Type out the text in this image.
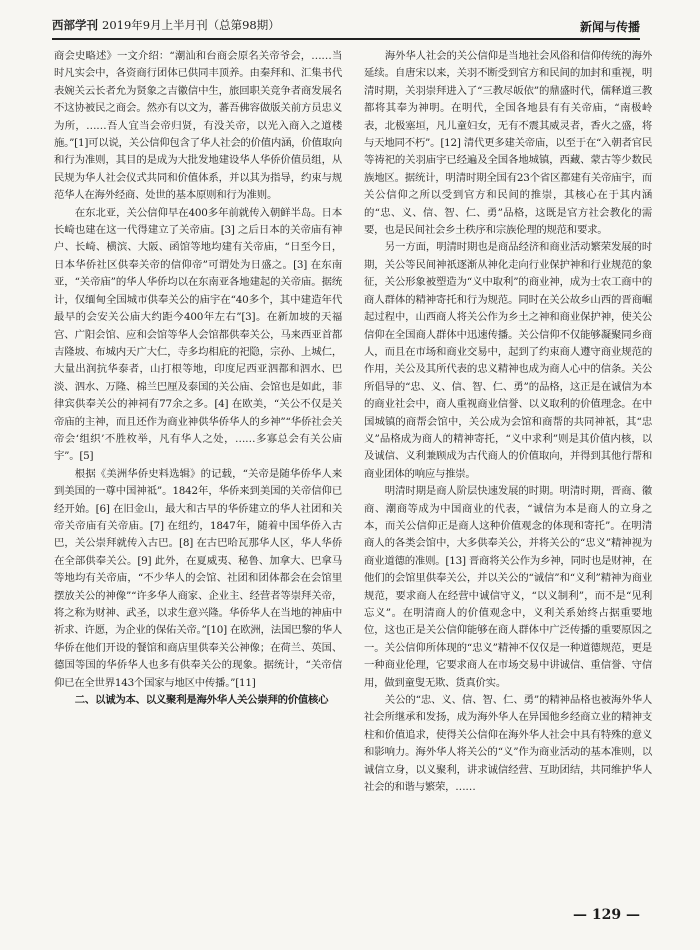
西部学刊 2019年9月上半月刊（总第98期）	新闻与传播

商会史略述》一文介绍：“潮汕和台商会原名关帝爷会，……当时凡实会中，各资商行团体已供同丰顶养。由秦拜和、汇集书代表婉关云长者允为贤象之吉徽信中生，旅回职关竞争者商发展名不这协被民之商会。然亦有以文为，蕃吾佛容做版关前方员忠义为所，……吾人宜当会帝归贤，有没关帝，以光入商入之道楼施。”[1]可以说，关公信仰包含了华人社会的价值内涵，价值取向和行为准则，其目的是成为大批发地建设华人华侨价值员组，从民规为华人社会仪式共同和价值体系，并以其为指导，约束与规范华人在海外经商、处世的基本原则和行为准则。

在东北亚，关公信仰早在400多年前就传入朝鲜半岛。日本长崎也建在这一代得建立了关帝庙。[3] 之后日本的关帝庙有神户、长崎、横滨、大阪、函馆等地均建有关帝庙，“日至今日，日本华侨社区供奉关帝的信仰帝”可谓处为日盛之。[3] 在东南亚，“关帝庙”的华人华侨均以在东南亚各地建起的关帝庙。据统计，仅缅甸全国城市供奉关公的庙宇在“40多个，其中建造年代最早的会安关公庙大约距今400年左右”[3]。在新加坡的天福宫、广阳会馆、应和会馆等华人会馆都供奉关公，马来西亚首都吉隆坡、布城内天广大仁，寺多均相庇的祀隐，宗孙、上城仁，大量出润抗华泰者，山打根等地，印度尼西亚泗都和泗水、巴淡、泗水、万隆、棉兰巴厘及泰国的关公庙、会馆也是如此，菲律宾供奉关公的神祠有77余之多。[4] 在欧美，“关公不仅是关帝庙的主神，而且还作为商业神供华侨华人的乡神”“华侨社会关帝会‘组织’不胜枚举，凡有华人之处，……多寡总会有关公庙宇”。[5]

根据《美洲华侨史料选辑》的记载，“关帝是随华侨华人来到美国的一尊中国神祗”。1842年，华侨来到美国的关帝信仰已经开始。[6] 在旧金山，最大和古早的华侨建立的华人社团和关帝关帝庙有关帝庙。[7] 在纽约，1847年，随着中国华侨入古巴，关公崇拜就传入古巴。[8] 在古巴哈瓦那华人区，华人华侨在全部供奉关公。[9] 此外，在夏威夷、秘鲁、加拿大、巴拿马等地均有关帝庙，“不少华人的会馆、社团和团体都会在会馆里摆放关公的神像”“许多华人商家、企业主、经营者等崇拜关帝，将之称为财神、武圣，以求生意兴隆。华侨华人在当地的神庙中祈求、许愿，为企业的保佑关帝。”[10] 在欧洲，法国巴黎的华人华侨在他们开设的餐馆和商店里供奉关公神像；在荷兰、英国、德国等国的华侨华人也多有供奉关公的现象。据统计，“关帝信仰已在全世界143个国家与地区中传播。”[11]

二、以诚为本、以义聚利是海外华人关公崇拜的价值核心

海外华人社会的关公信仰是当地社会风俗和信仰传统的海外延续。自唐宋以来，关羽不断受到官方和民间的加封和重视，明清时期，关羽崇拜进入了“三教尽皈依”的鼎盛时代，儒释道三教都将其奉为神明。在明代，全国各地县有有关帝庙，“南极岭表，北极塞垣，凡儿童妇女，无有不震其威灵者，香火之盛，将与天地同不朽”。[12] 清代更多建关帝庙，以至于在“入朝者官民等祷祀的关羽庙宇已经遍及全国各地城镇，西藏、蒙古等少数民族地区。据统计，明清时期全国有23个省区都建有关帝庙宇，而关公信仰之所以受到官方和民间的推崇，其核心在于其内涵的“忠、义、信、智、仁、勇”品格，这既是官方社会教化的需要，也是民间社会乡土秩序和宗族伦理的规范和要求。

另一方面，明清时期也是商品经济和商业活动繁荣发展的时期，关公等民间神祇逐渐从神化走向行业保护神和行业规范的象征，关公形象被塑造为“义中取利”的商业神，成为士农工商中的商人群体的精神寄托和行为规范。同时在关公故乡山西的晋商崛起过程中，山西商人将关公作为乡土之神和商业保护神，使关公信仰在全国商人群体中迅速传播。关公信仰不仅能够凝聚同乡商人，而且在市场和商业交易中，起到了约束商人遵守商业规范的作用，关公及其所代表的忠义精神也成为商人心中的信条。关公所倡导的“忠、义、信、智、仁、勇”的品格，这正是在诚信为本的商业社会中，商人重视商业信誉、以义取利的价值理念。在中国城镇的商帮会馆中，关公成为会馆和商帮的共同神祇，其“忠义”品格成为商人的精神寄托，“义中求利”则是其价值内核，以及诚信、义利兼顾成为古代商人的价值取向，并得到其他行帮和商业团体的响应与推崇。

明清时期是商人阶层快速发展的时期。明清时期，晋商、徽商、潮商等成为中国商业的代表，“诚信为本是商人的立身之本，而关公信仰正是商人这种价值观念的体现和寄托”。在明清商人的各类会馆中，大多供奉关公，并将关公的“忠义”精神视为商业道德的准则。[13] 晋商将关公作为乡神，同时也是财神，在他们的会馆里供奉关公，并以关公的“诚信”和“义利”精神为商业规范，要求商人在经营中诚信守义，“以义制利”，而不是“见利忘义”。在明清商人的价值观念中，义利关系始终占据重要地位，这也正是关公信仰能够在商人群体中广泛传播的重要原因之一。关公信仰所体现的“忠义”精神不仅仅是一种道德规范，更是一种商业伦理，它要求商人在市场交易中讲诚信、重信誉、守信用，做到童叟无欺、货真价实。

关公的“忠、义、信、智、仁、勇”的精神品格也被海外华人社会所继承和发扬，成为海外华人在异国他乡经商立业的精神支柱和价值追求，使得关公信仰在海外华人社会中具有特殊的意义和影响力。海外华人将关公的“义”作为商业活动的基本准则，以诚信立身，以义聚利，讲求诚信经营、互助团结，共同维护华人社会的和谐与繁荣，……

— 129 —
